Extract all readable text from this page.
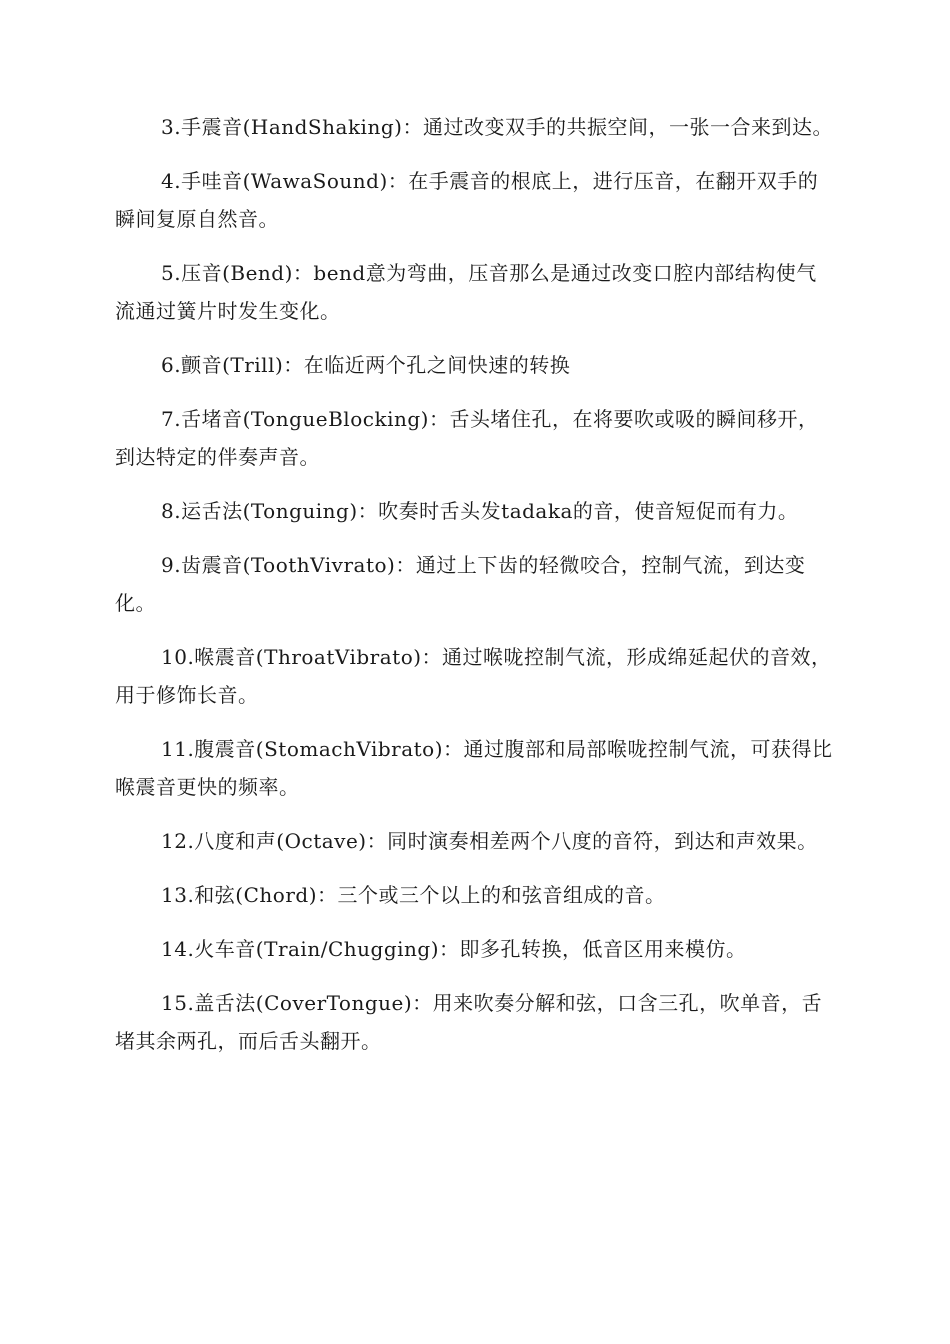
3.手震音(HandShaking)：通过改变双手的共振空间，一张一合来到达。

4.手哇音(WawaSound)：在手震音的根底上，进行压音，在翻开双手的瞬间复原自然音。

5.压音(Bend)：bend意为弯曲，压音那么是通过改变口腔内部结构使气流通过簧片时发生变化。

6.颤音(Trill)：在临近两个孔之间快速的转换

7.舌堵音(TongueBlocking)：舌头堵住孔，在将要吹或吸的瞬间移开，到达特定的伴奏声音。

8.运舌法(Tonguing)：吹奏时舌头发tadaka的音，使音短促而有力。

9.齿震音(ToothVivrato)：通过上下齿的轻微咬合，控制气流，到达变化。

10.喉震音(ThroatVibrato)：通过喉咙控制气流，形成绵延起伏的音效，用于修饰长音。

11.腹震音(StomachVibrato)：通过腹部和局部喉咙控制气流，可获得比喉震音更快的频率。

12.八度和声(Octave)：同时演奏相差两个八度的音符，到达和声效果。

13.和弦(Chord)：三个或三个以上的和弦音组成的音。

14.火车音(Train/Chugging)：即多孔转换，低音区用来模仿。

15.盖舌法(CoverTongue)：用来吹奏分解和弦，口含三孔，吹单音，舌堵其余两孔，而后舌头翻开。
